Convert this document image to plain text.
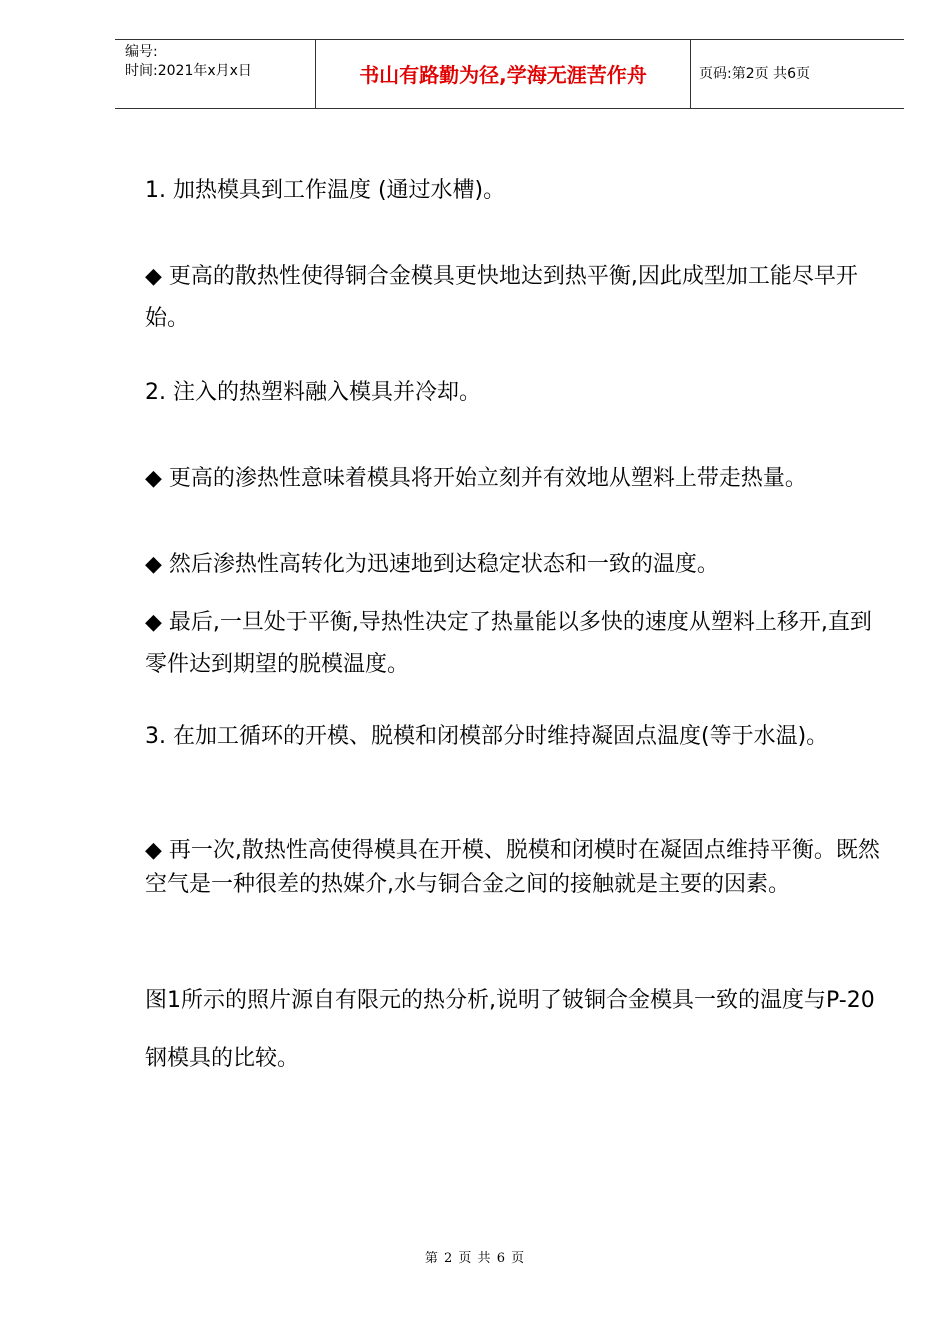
编号:
时间:2021年x月x日	书山有路勤为径,学海无涯苦作舟	页码:第2页 共6页

1. 加热模具到工作温度 (通过水槽)。

◆ 更高的散热性使得铜合金模具更快地达到热平衡,因此成型加工能尽早开始。

2. 注入的热塑料融入模具并冷却。

◆ 更高的渗热性意味着模具将开始立刻并有效地从塑料上带走热量。

◆ 然后渗热性高转化为迅速地到达稳定状态和一致的温度。

◆ 最后,一旦处于平衡,导热性决定了热量能以多快的速度从塑料上移开,直到零件达到期望的脱模温度。

3. 在加工循环的开模、脱模和闭模部分时维持凝固点温度(等于水温)。

◆ 再一次,散热性高使得模具在开模、脱模和闭模时在凝固点维持平衡。既然空气是一种很差的热媒介,水与铜合金之间的接触就是主要的因素。

图1所示的照片源自有限元的热分析,说明了铍铜合金模具一致的温度与P-20钢模具的比较。

第 2 页 共 6 页
